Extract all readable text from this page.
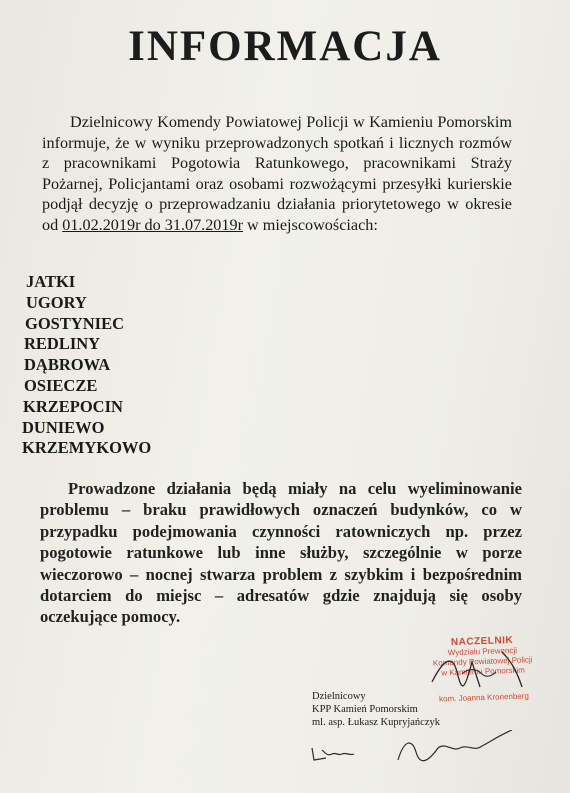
INFORMACJA
Dzielnicowy Komendy Powiatowej Policji w Kamieniu Pomorskim informuje, że w wyniku przeprowadzonych spotkań i licznych rozmów z pracownikami Pogotowia Ratunkowego, pracownikami Straży Pożarnej, Policjantami oraz osobami rozwożącymi przesyłki kurierskie podjął decyzję o przeprowadzaniu działania priorytetowego w okresie od 01.02.2019r do 31.07.2019r w miejscowościach:
JATKI
UGORY
GOSTYNIEC
REDLINY
DĄBROWA
OSIECZE
KRZEPOCIN
DUNIEWO
KRZEMYKOWO
Prowadzone działania będą miały na celu wyeliminowanie problemu – braku prawidłowych oznaczeń budynków, co w przypadku podejmowania czynności ratowniczych np. przez pogotowie ratunkowe lub inne służby, szczególnie w porze wieczorowo – nocnej stwarza problem z szybkim i bezpośrednim dotarciem do miejsc – adresatów gdzie znajdują się osoby oczekujące pomocy.
NACZELNIK
Wydziału Prewencji
Komendy Powiatowej Policji
w Kamieniu Pomorskim
kom. Joanna Kronenberg
Dzielnicowy
KPP Kamień Pomorskim
ml. asp. Łukasz Kupryjańczyk
